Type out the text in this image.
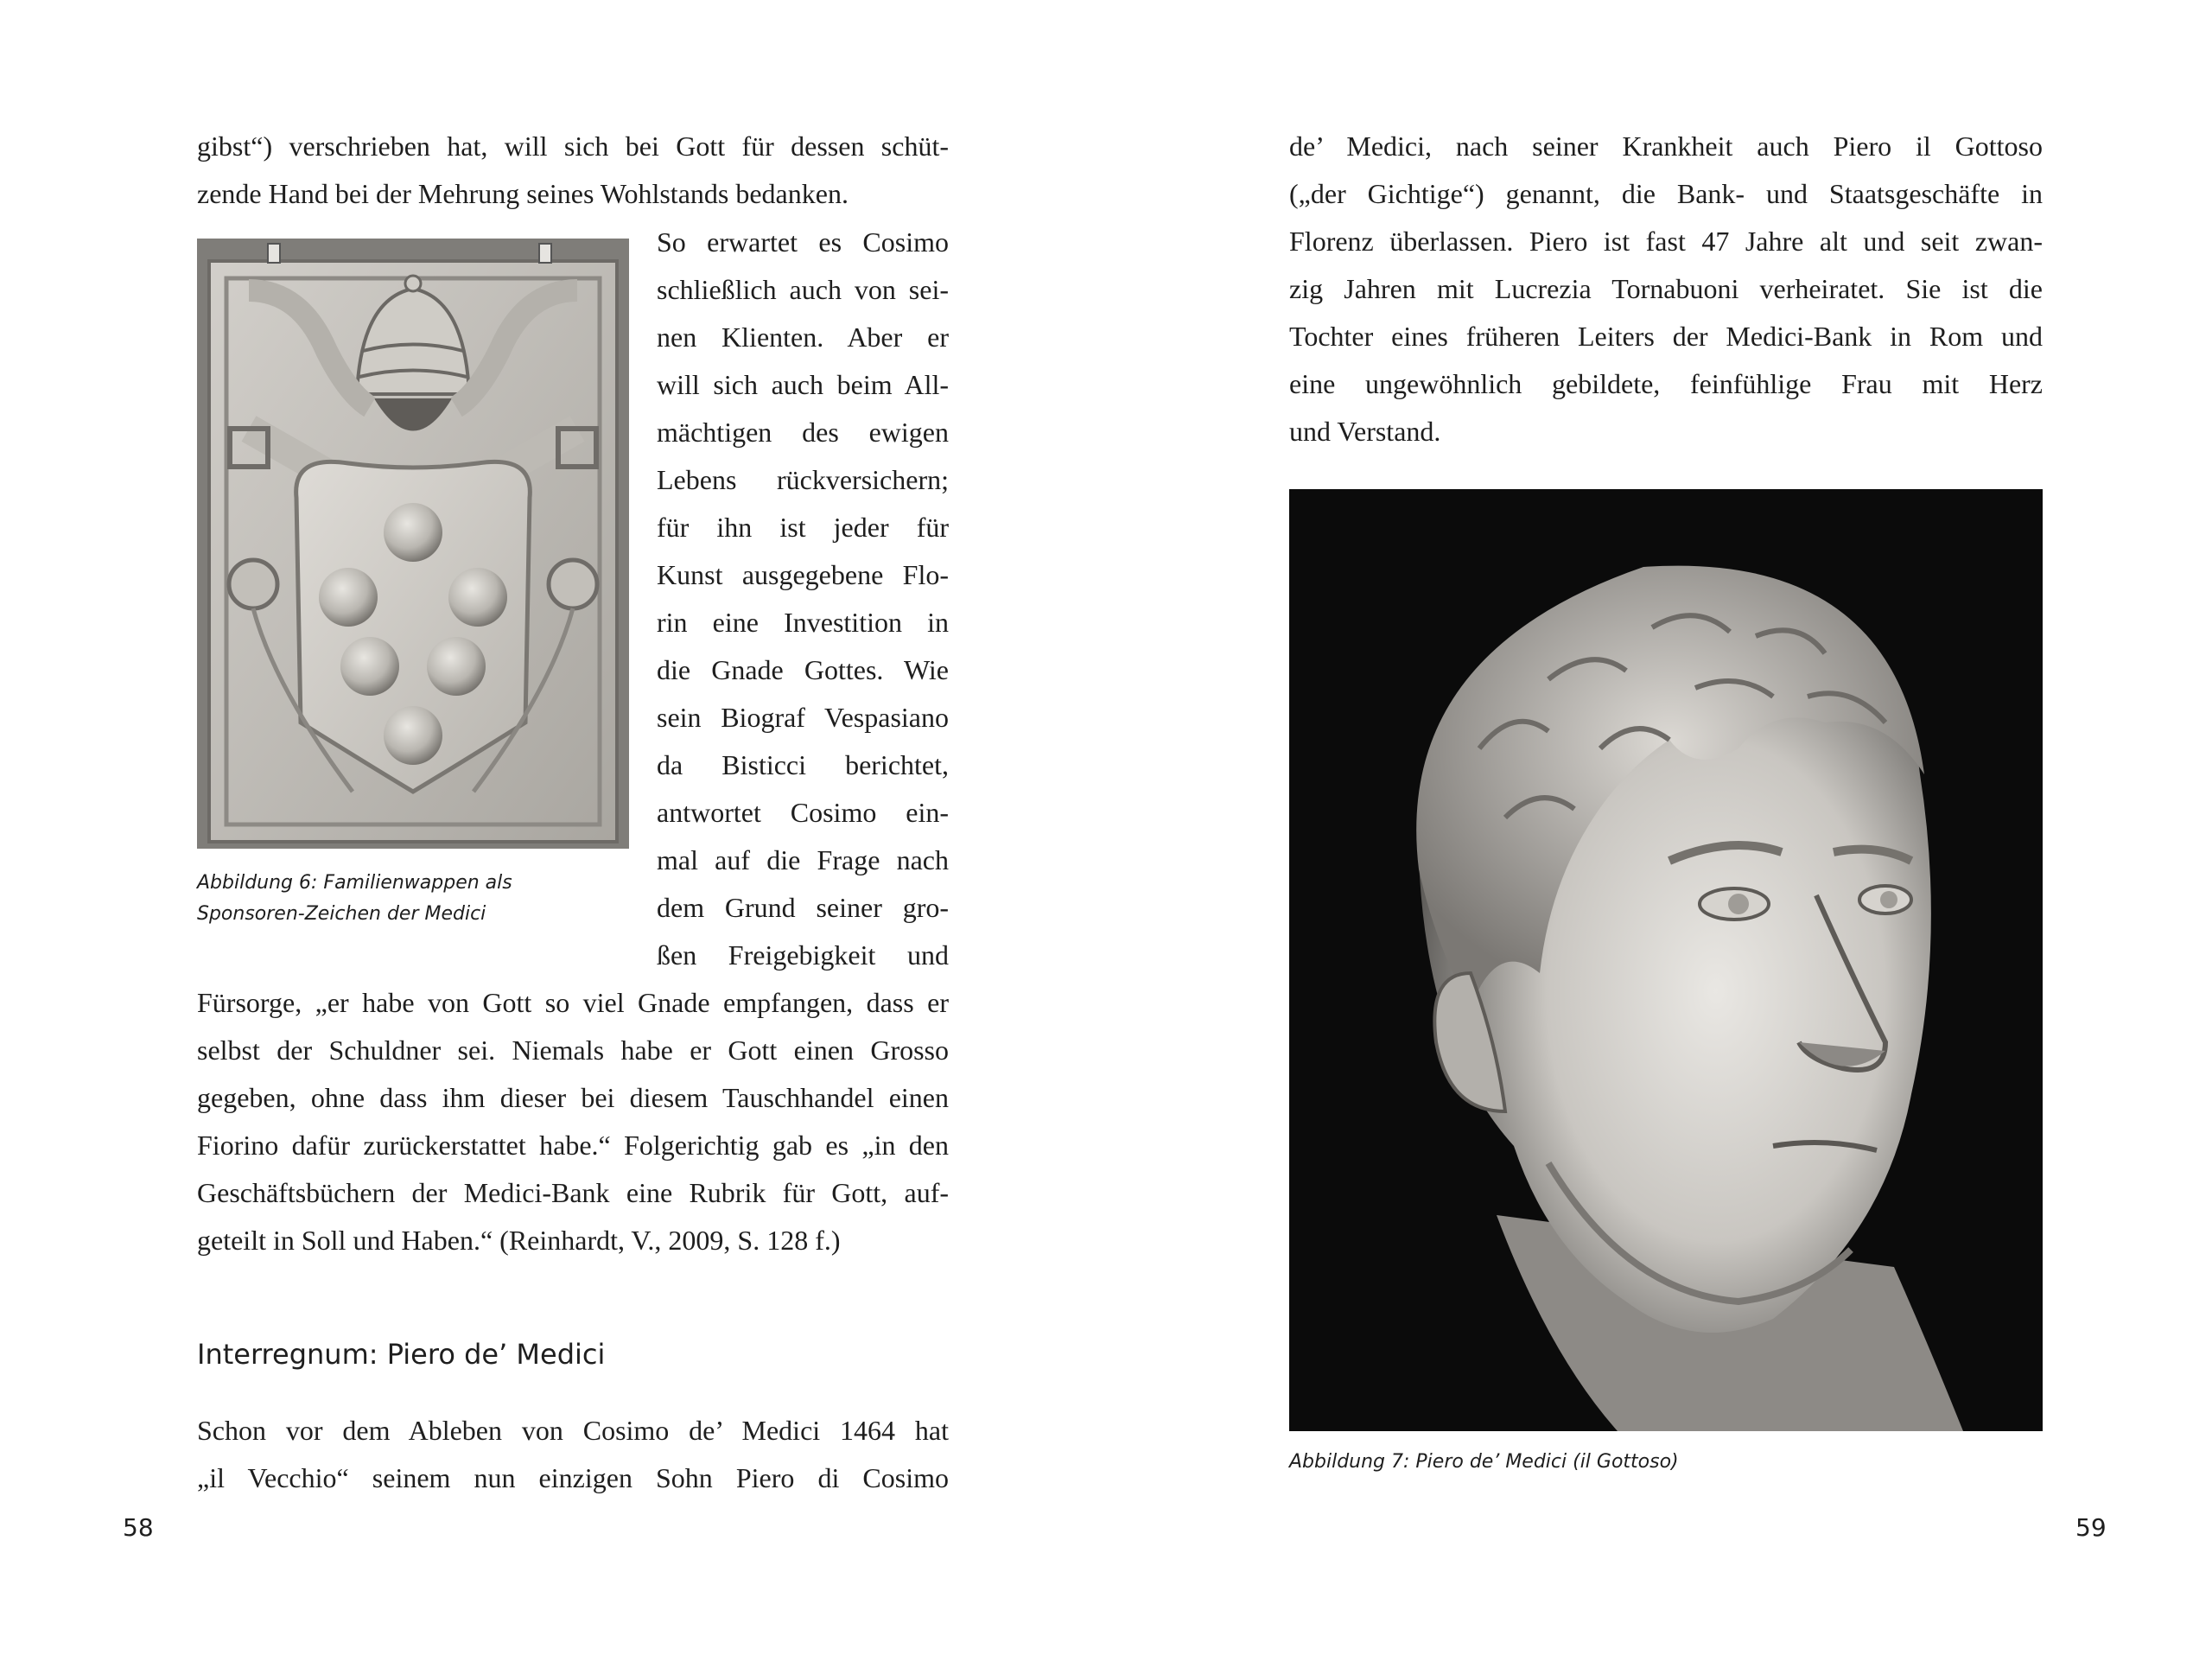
gibst“) verschrieben hat, will sich bei Gott für dessen schüt-
zende Hand bei der Mehrung seines Wohlstands bedanken.
Abbildung 6: Familienwappen als
Sponsoren-Zeichen der Medici
So erwartet es Cosimo
schließlich auch von sei-
nen Klienten. Aber er
will sich auch beim All-
mächtigen des ewigen
Lebens rückversichern;
für ihn ist jeder für
Kunst ausgegebene Flo-
rin eine Investition in
die Gnade Gottes. Wie
sein Biograf Vespasiano
da Bisticci berichtet,
antwortet Cosimo ein-
mal auf die Frage nach
dem Grund seiner gro-
ßen Freigebigkeit und
Fürsorge, „er habe von Gott so viel Gnade empfangen, dass er
selbst der Schuldner sei. Niemals habe er Gott einen Grosso
gegeben, ohne dass ihm dieser bei diesem Tauschhandel einen
Fiorino dafür zurückerstattet habe.“ Folgerichtig gab es „in den
Geschäftsbüchern der Medici-Bank eine Rubrik für Gott, auf-
geteilt in Soll und Haben.“ (Reinhardt, V., 2009, S. 128 f.)
Interregnum: Piero de’ Medici
Schon vor dem Ableben von Cosimo de’ Medici 1464 hat
„il Vecchio“ seinem nun einzigen Sohn Piero di Cosimo
58
de’ Medici, nach seiner Krankheit auch Piero il Gottoso
(„der Gichtige“) genannt, die Bank- und Staatsgeschäfte in
Florenz überlassen. Piero ist fast 47 Jahre alt und seit zwan-
zig Jahren mit Lucrezia Tornabuoni verheiratet. Sie ist die
Tochter eines früheren Leiters der Medici-Bank in Rom und
eine ungewöhnlich gebildete, feinfühlige Frau mit Herz
und Verstand.
Abbildung 7: Piero de’ Medici (il Gottoso)
59
